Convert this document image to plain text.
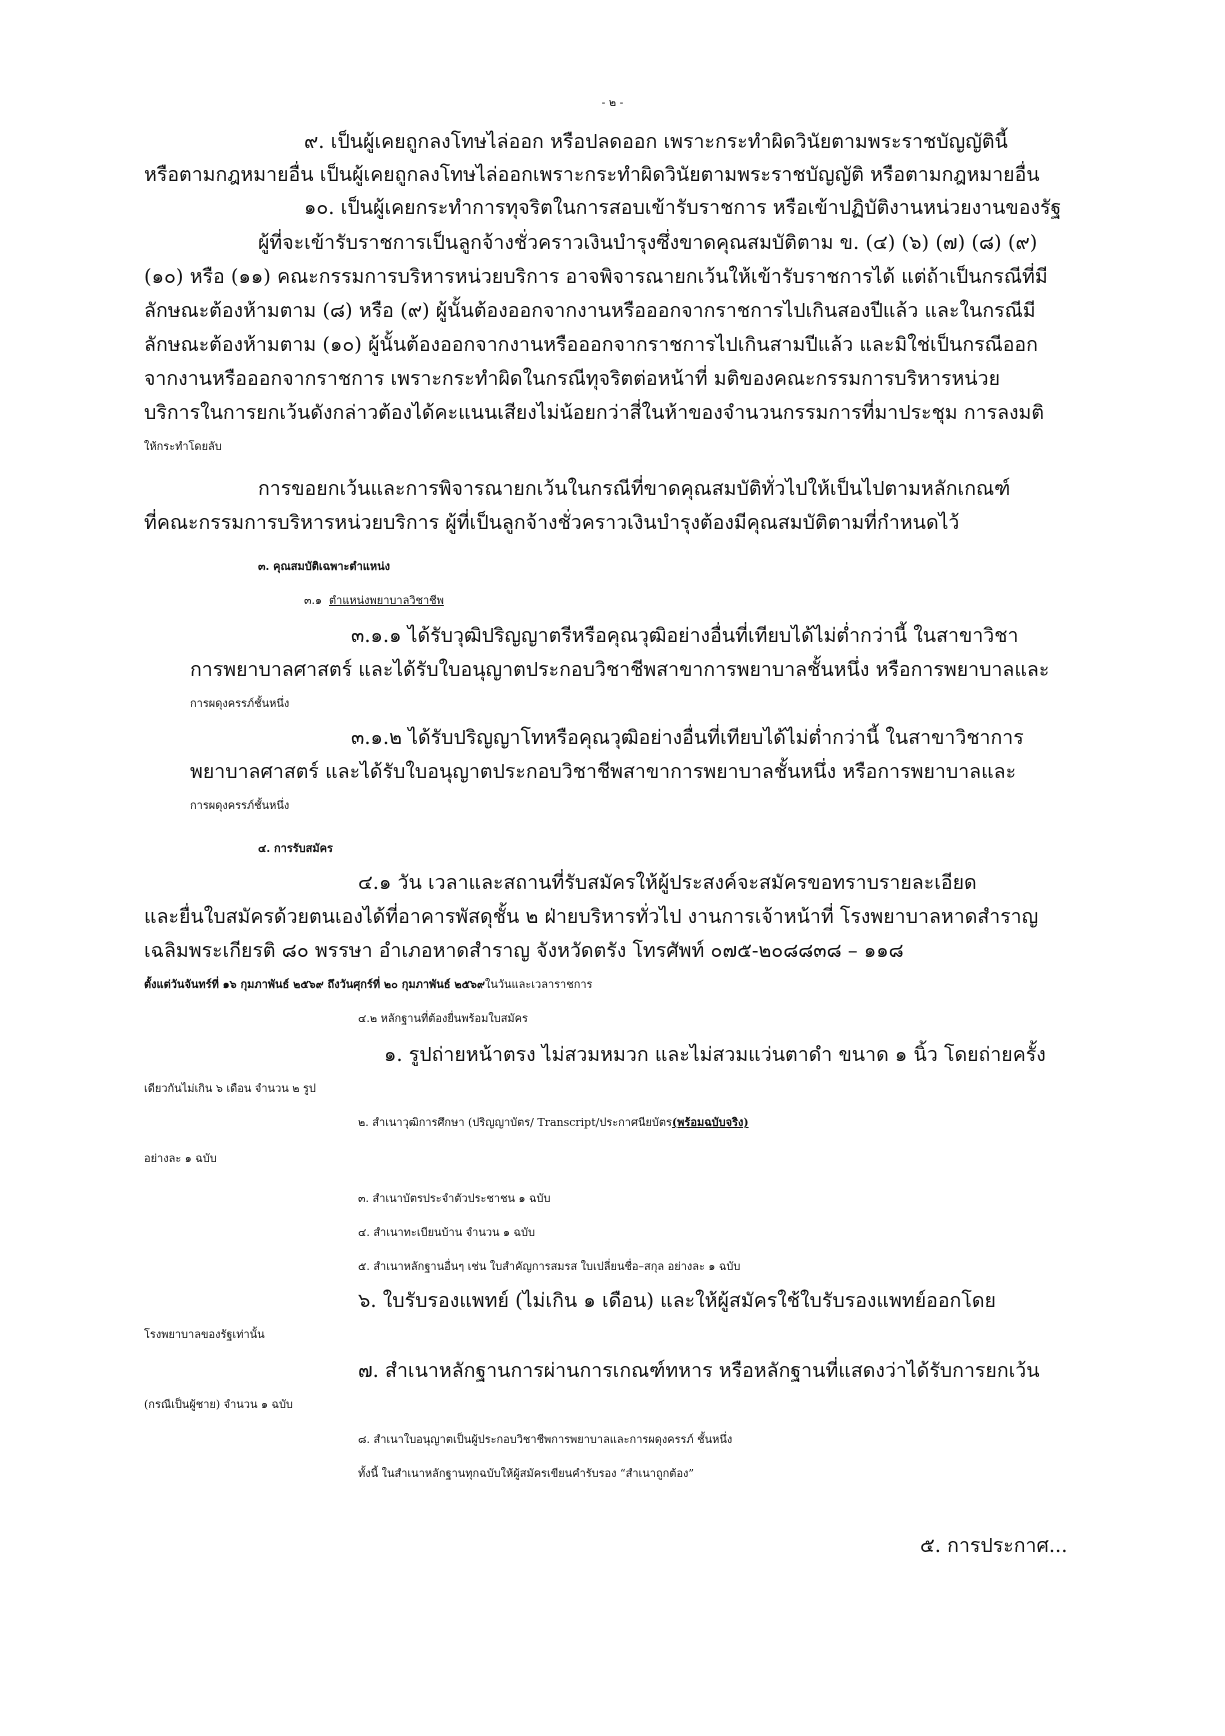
- ๒ -
๙. เป็นผู้เคยถูกลงโทษไล่ออก หรือปลดออก เพราะกระทำผิดวินัยตามพระราชบัญญัตินี้
หรือตามกฎหมายอื่น เป็นผู้เคยถูกลงโทษไล่ออกเพราะกระทำผิดวินัยตามพระราชบัญญัติ หรือตามกฎหมายอื่น
๑๐. เป็นผู้เคยกระทำการทุจริตในการสอบเข้ารับราชการ หรือเข้าปฏิบัติงานหน่วยงานของรัฐ
ผู้ที่จะเข้ารับราชการเป็นลูกจ้างชั่วคราวเงินบำรุงซึ่งขาดคุณสมบัติตาม ข. (๔) (๖) (๗) (๘) (๙)
(๑๐) หรือ (๑๑) คณะกรรมการบริหารหน่วยบริการ อาจพิจารณายกเว้นให้เข้ารับราชการได้ แต่ถ้าเป็นกรณีที่มี
ลักษณะต้องห้ามตาม (๘) หรือ (๙) ผู้นั้นต้องออกจากงานหรือออกจากราชการไปเกินสองปีแล้ว และในกรณีมี
ลักษณะต้องห้ามตาม (๑๐) ผู้นั้นต้องออกจากงานหรือออกจากราชการไปเกินสามปีแล้ว และมิใช่เป็นกรณีออก
จากงานหรือออกจากราชการ เพราะกระทำผิดในกรณีทุจริตต่อหน้าที่ มติของคณะกรรมการบริหารหน่วย
บริการในการยกเว้นดังกล่าวต้องได้คะแนนเสียงไม่น้อยกว่าสี่ในห้าของจำนวนกรรมการที่มาประชุม การลงมติ
ให้กระทำโดยลับ
การขอยกเว้นและการพิจารณายกเว้นในกรณีที่ขาดคุณสมบัติทั่วไปให้เป็นไปตามหลักเกณฑ์
ที่คณะกรรมการบริหารหน่วยบริการ ผู้ที่เป็นลูกจ้างชั่วคราวเงินบำรุงต้องมีคุณสมบัติตามที่กำหนดไว้
๓. คุณสมบัติเฉพาะตำแหน่ง
๓.๑ ตำแหน่งพยาบาลวิชาชีพ
๓.๑.๑ ได้รับวุฒิปริญญาตรีหรือคุณวุฒิอย่างอื่นที่เทียบได้ไม่ต่ำกว่านี้ ในสาขาวิชา
การพยาบาลศาสตร์ และได้รับใบอนุญาตประกอบวิชาชีพสาขาการพยาบาลชั้นหนึ่ง หรือการพยาบาลและ
การผดุงครรภ์ชั้นหนึ่ง
๓.๑.๒ ได้รับปริญญาโทหรือคุณวุฒิอย่างอื่นที่เทียบได้ไม่ต่ำกว่านี้ ในสาขาวิชาการ
พยาบาลศาสตร์ และได้รับใบอนุญาตประกอบวิชาชีพสาขาการพยาบาลชั้นหนึ่ง หรือการพยาบาลและ
การผดุงครรภ์ชั้นหนึ่ง
๔. การรับสมัคร
๔.๑ วัน เวลาและสถานที่รับสมัครให้ผู้ประสงค์จะสมัครขอทราบรายละเอียด
และยื่นใบสมัครด้วยตนเองได้ที่อาคารพัสดุชั้น ๒ ฝ่ายบริหารทั่วไป งานการเจ้าหน้าที่ โรงพยาบาลหาดสำราญ
เฉลิมพระเกียรติ ๘๐ พรรษา อำเภอหาดสำราญ จังหวัดตรัง โทรศัพท์ ๐๗๕-๒๐๘๘๓๘ – ๑๑๘
ตั้งแต่วันจันทร์ที่ ๑๖ กุมภาพันธ์ ๒๕๖๙ ถึงวันศุกร์ที่ ๒๐ กุมภาพันธ์ ๒๕๖๙ในวันและเวลาราชการ
๔.๒ หลักฐานที่ต้องยื่นพร้อมใบสมัคร
๑. รูปถ่ายหน้าตรง ไม่สวมหมวก และไม่สวมแว่นตาดำ ขนาด ๑ นิ้ว โดยถ่ายครั้ง
เดียวกันไม่เกิน ๖ เดือน จำนวน ๒ รูป
๒. สำเนาวุฒิการศึกษา (ปริญญาบัตร/ Transcript/ประกาศนียบัตร(พร้อมฉบับจริง)
อย่างละ ๑ ฉบับ
๓. สำเนาบัตรประจำตัวประชาชน ๑ ฉบับ
๔. สำเนาทะเบียนบ้าน จำนวน ๑ ฉบับ
๕. สำเนาหลักฐานอื่นๆ เช่น ใบสำคัญการสมรส ใบเปลี่ยนชื่อ–สกุล อย่างละ ๑ ฉบับ
๖. ใบรับรองแพทย์ (ไม่เกิน ๑ เดือน) และให้ผู้สมัครใช้ใบรับรองแพทย์ออกโดย
โรงพยาบาลของรัฐเท่านั้น
๗. สำเนาหลักฐานการผ่านการเกณฑ์ทหาร หรือหลักฐานที่แสดงว่าได้รับการยกเว้น
(กรณีเป็นผู้ชาย) จำนวน ๑ ฉบับ
๘. สำเนาใบอนุญาตเป็นผู้ประกอบวิชาชีพการพยาบาลและการผดุงครรภ์ ชั้นหนึ่ง
ทั้งนี้ ในสำเนาหลักฐานทุกฉบับให้ผู้สมัครเขียนคำรับรอง “สำเนาถูกต้อง”
๕. การประกาศ...
